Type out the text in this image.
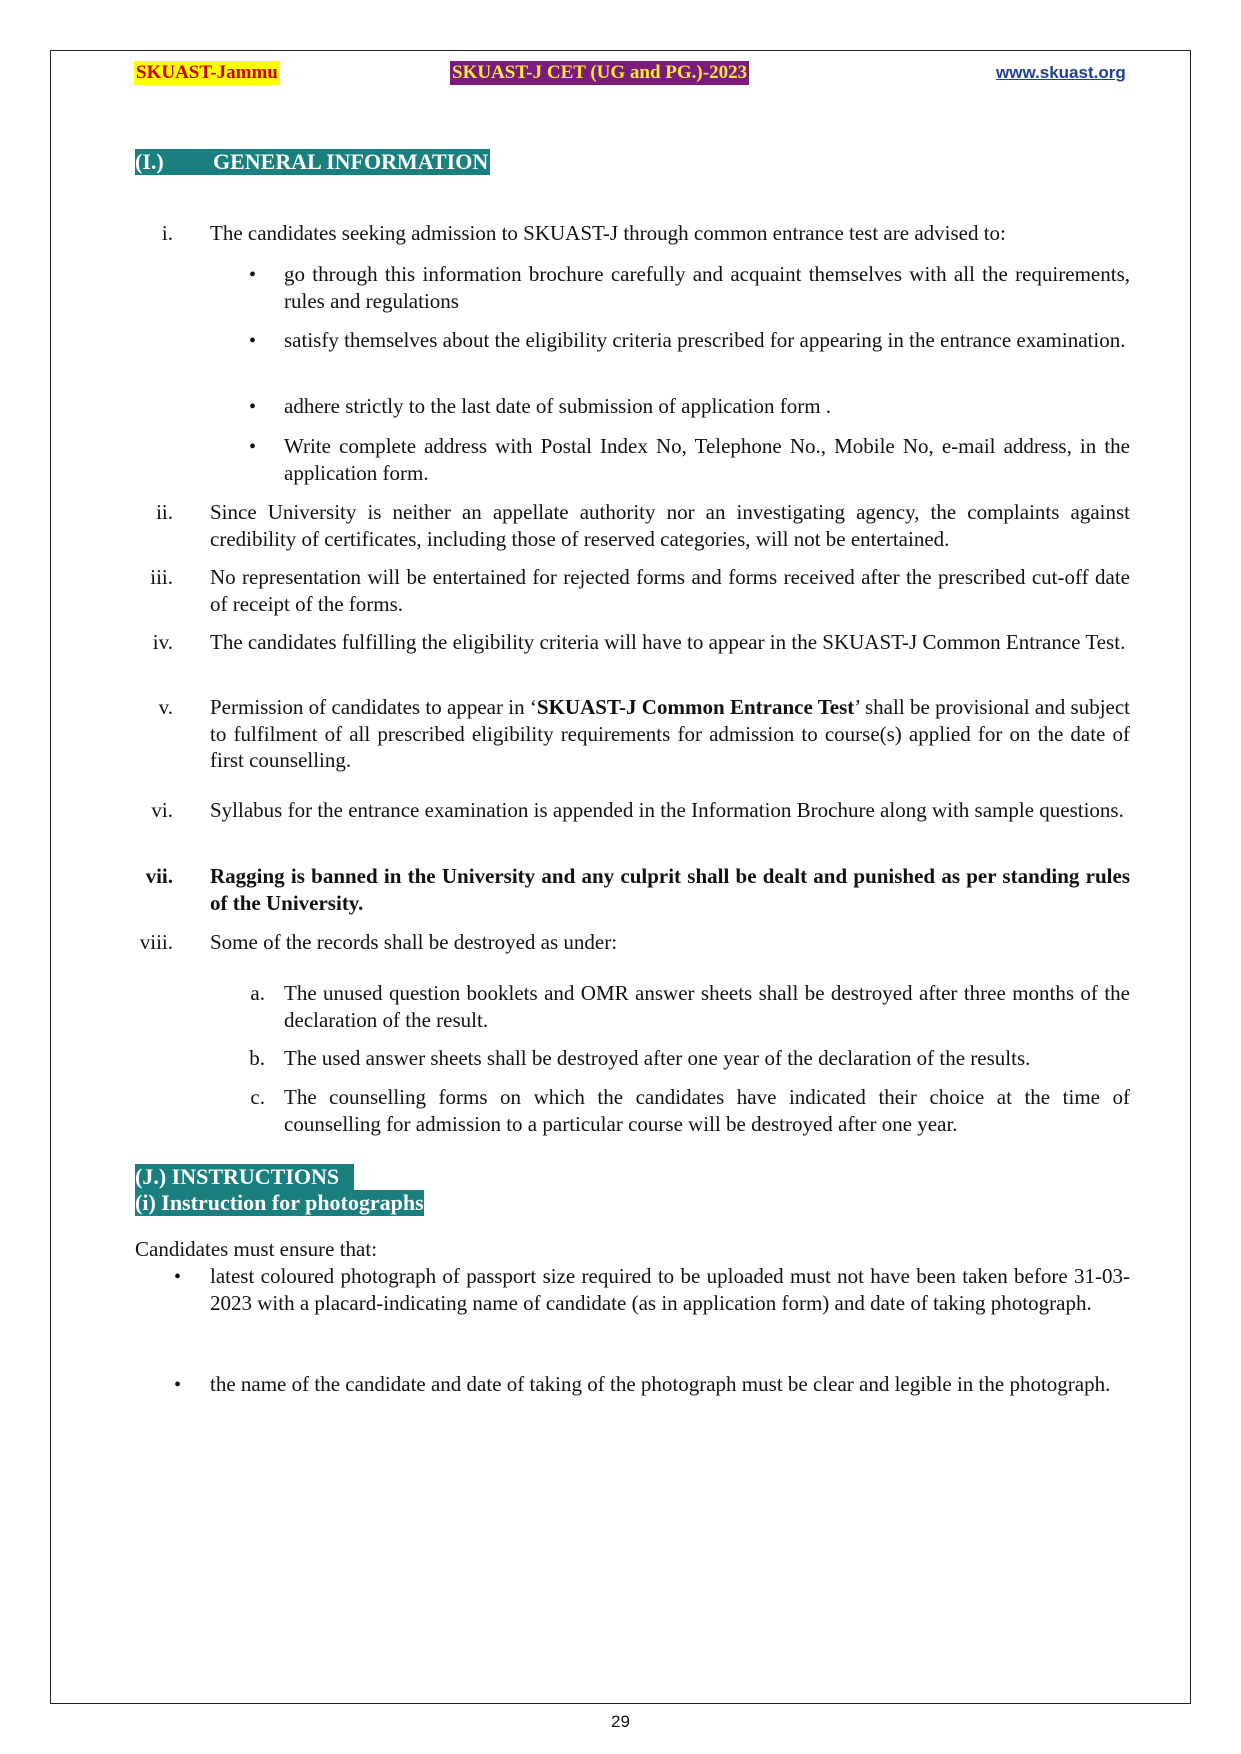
SKUAST-Jammu	SKUAST-J CET (UG and PG.)-2023	www.skuast.org
(I.) GENERAL INFORMATION
i. The candidates seeking admission to SKUAST-J through common entrance test are advised to:
• go through this information brochure carefully and acquaint themselves with all the requirements, rules and regulations
• satisfy themselves about the eligibility criteria prescribed for appearing in the entrance examination.
• adhere strictly to the last date of submission of application form .
• Write complete address with Postal Index No, Telephone No., Mobile No, e-mail address, in the application form.
ii. Since University is neither an appellate authority nor an investigating agency, the complaints against credibility of certificates, including those of reserved categories, will not be entertained.
iii. No representation will be entertained for rejected forms and forms received after the prescribed cut-off date of receipt of the forms.
iv. The candidates fulfilling the eligibility criteria will have to appear in the SKUAST-J Common Entrance Test.
v. Permission of candidates to appear in ‘SKUAST-J Common Entrance Test’ shall be provisional and subject to fulfilment of all prescribed eligibility requirements for admission to course(s) applied for on the date of first counselling.
vi. Syllabus for the entrance examination is appended in the Information Brochure along with sample questions.
vii. Ragging is banned in the University and any culprit shall be dealt and punished as per standing rules of the University.
viii. Some of the records shall be destroyed as under:
a. The unused question booklets and OMR answer sheets shall be destroyed after three months of the declaration of the result.
b. The used answer sheets shall be destroyed after one year of the declaration of the results.
c. The counselling forms on which the candidates have indicated their choice at the time of counselling for admission to a particular course will be destroyed after one year.
(J.) INSTRUCTIONS
(i) Instruction for photographs
Candidates must ensure that:
• latest coloured photograph of passport size required to be uploaded must not have been taken before 31-03-2023 with a placard-indicating name of candidate (as in application form) and date of taking photograph.
• the name of the candidate and date of taking of the photograph must be clear and legible in the photograph.
29
